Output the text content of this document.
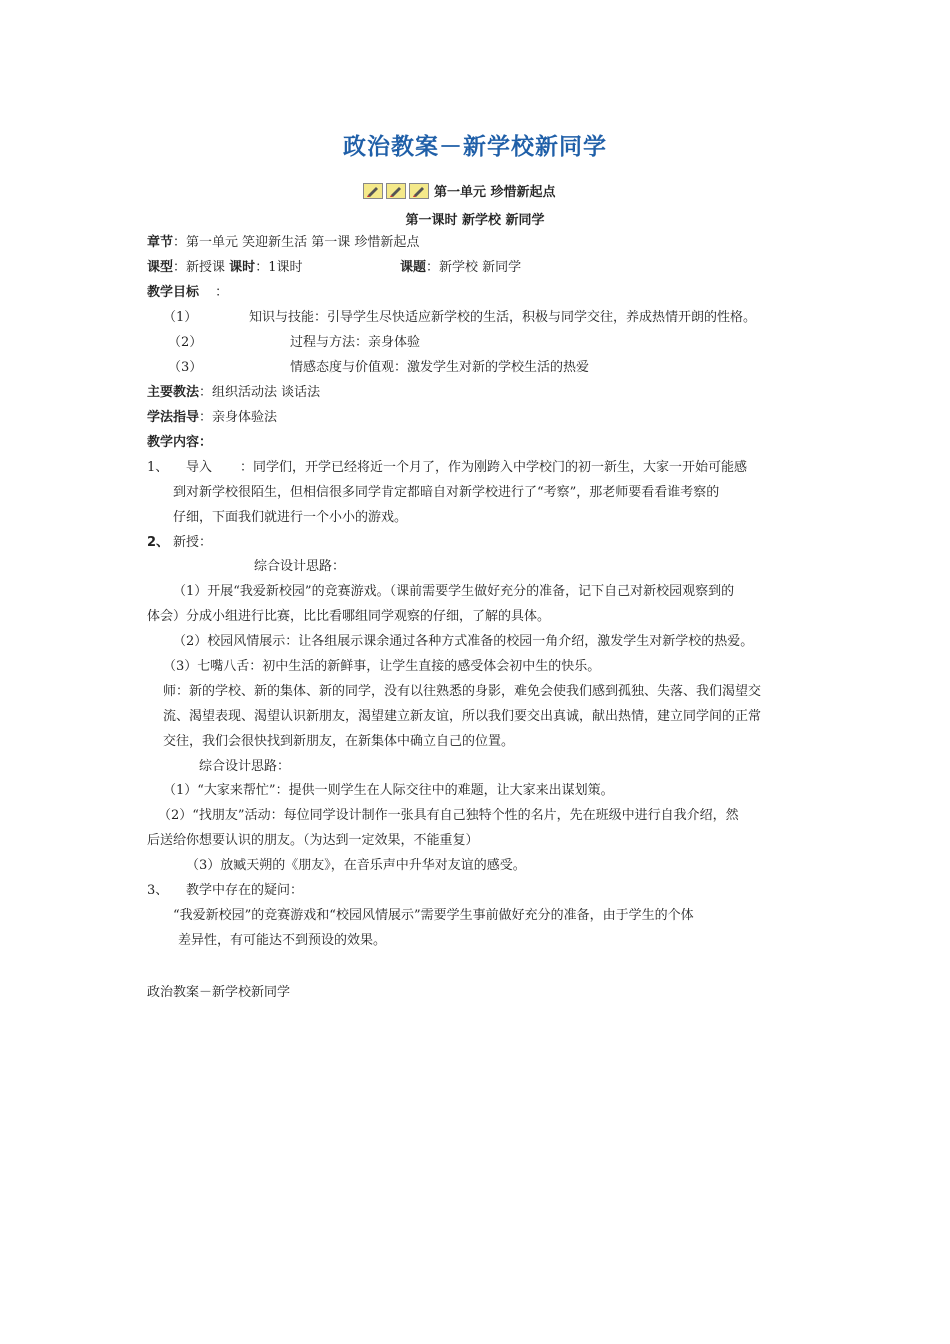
政治教案－新学校新同学
第一单元 珍惜新起点
第一课时 新学校 新同学
章节：第一单元 笑迎新生活 第一课 珍惜新起点
课型：新授课 课时：1课时	课题：新学校 新同学
教学目标 ：
（1）	知识与技能：引导学生尽快适应新学校的生活，积极与同学交往，养成热情开朗的性格。
（2）	过程与方法：亲身体验
（3）	情感态度与价值观：激发学生对新的学校生活的热爱
主要教法：组织活动法 谈话法
学法指导：亲身体验法
教学内容：
1、 导入 ：同学们，开学已经将近一个月了，作为刚跨入中学校门的初一新生，大家一开始可能感
到对新学校很陌生，但相信很多同学肯定都暗自对新学校进行了“考察”，那老师要看看谁考察的
仔细，下面我们就进行一个小小的游戏。
2、 新授：
综合设计思路：
（1）开展“我爱新校园”的竞赛游戏。（课前需要学生做好充分的准备，记下自己对新校园观察到的
体会）分成小组进行比赛，比比看哪组同学观察的仔细，了解的具体。
（2）校园风情展示：让各组展示课余通过各种方式准备的校园一角介绍，激发学生对新学校的热爱。
（3）七嘴八舌：初中生活的新鲜事，让学生直接的感受体会初中生的快乐。
师：新的学校、新的集体、新的同学，没有以往熟悉的身影，难免会使我们感到孤独、失落、我们渴望交
流、渴望表现、渴望认识新朋友，渴望建立新友谊，所以我们要交出真诚，献出热情，建立同学间的正常
交往，我们会很快找到新朋友，在新集体中确立自己的位置。
综合设计思路：
（1）“大家来帮忙”：提供一则学生在人际交往中的难题，让大家来出谋划策。
（2）“找朋友”活动：每位同学设计制作一张具有自己独特个性的名片，先在班级中进行自我介绍，然
后送给你想要认识的朋友。（为达到一定效果，不能重复）
（3）放臧天朔的《朋友》，在音乐声中升华对友谊的感受。
3、 教学中存在的疑问：
“我爱新校园”的竞赛游戏和“校园风情展示”需要学生事前做好充分的准备，由于学生的个体
差异性，有可能达不到预设的效果。
政治教案－新学校新同学
